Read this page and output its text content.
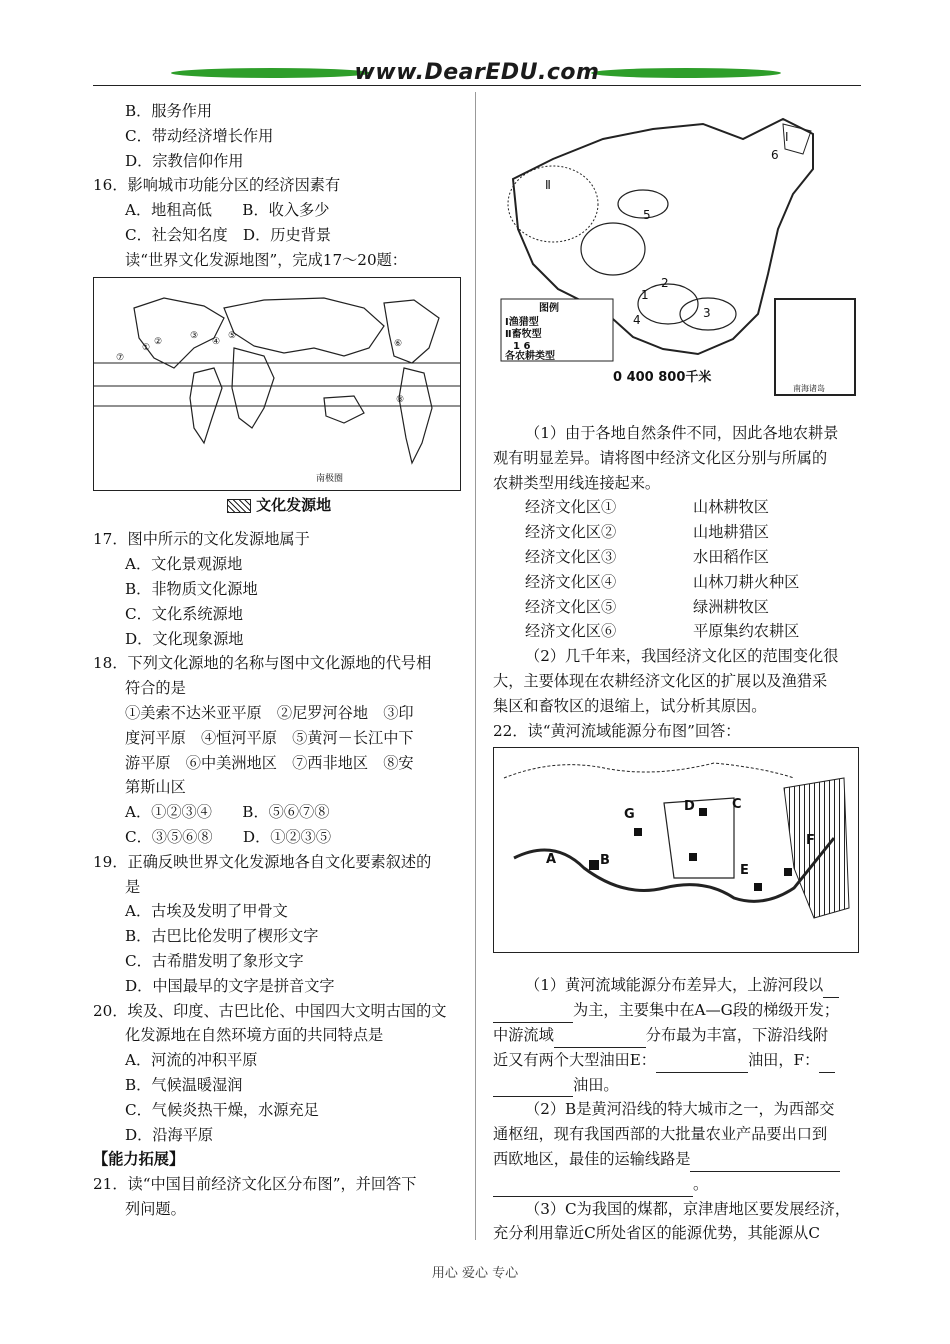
www.DearEDU.com
B．服务作用
C．带动经济增长作用
D．宗教信仰作用
16．影响城市功能分区的经济因素有
A．地租高低　　B．收入多少
C．社会知名度　D．历史背景
读“世界文化发源地图”，完成17～20题：
①
②
③
④
⑤
⑥
⑦
⑧
南极圈
文化发源地
17．图中所示的文化发源地属于
A．文化景观源地
B．非物质文化源地
C．文化系统源地
D．文化现象源地
18．下列文化源地的名称与图中文化源地的代号相
符合的是
①美索不达米亚平原　②尼罗河谷地　③印
度河平原　④恒河平原　⑤黄河－长江中下
游平原　⑥中美洲地区　⑦西非地区　⑧安
第斯山区
A．①②③④　　B．⑤⑥⑦⑧
C．③⑤⑥⑧　　D．①②③⑤
19．正确反映世界文化发源地各自文化要素叙述的
是
A．古埃及发明了甲骨文
B．古巴比伦发明了楔形文字
C．古希腊发明了象形文字
D．中国最早的文字是拼音文字
20．埃及、印度、古巴比伦、中国四大文明古国的文
化发源地在自然环境方面的共同特点是
A．河流的冲积平原
B．气候温暖湿润
C．气候炎热干燥，水源充足
D．沿海平原
【能力拓展】
21．读“中国目前经济文化区分布图”，并回答下
列问题。
Ⅱ
Ⅰ
1
2
3
4
5
6
图例
Ⅰ渔猎型
Ⅱ畜牧型
1 6
各农耕类型
0 400 800千米
南海诸岛
（1）由于各地自然条件不同，因此各地农耕景
观有明显差异。请将图中经济文化区分别与所属的
农耕类型用线连接起来。
经济文化区①	山林耕牧区
经济文化区②	山地耕猎区
经济文化区③	水田稻作区
经济文化区④	山林刀耕火种区
经济文化区⑤	绿洲耕牧区
经济文化区⑥	平原集约农耕区
（2）几千年来，我国经济文化区的范围变化很
大，主要体现在农耕经济文化区的扩展以及渔猎采
集区和畜牧区的退缩上，试分析其原因。
22．读“黄河流域能源分布图”回答：
A	B
C
D
E
F
G
（1）黄河流域能源分布差异大，上游河段以
为主，主要集中在A—G段的梯级开发；
中游流域	分布最为丰富，下游沿线附
近又有两个大型油田E：	油田，F：
油田。
（2）B是黄河沿线的特大城市之一，为西部交
通枢纽，现有我国西部的大批量农业产品要出口到
西欧地区，最佳的运输线路是
。
（3）C为我国的煤都，京津唐地区要发展经济，
充分利用靠近C所处省区的能源优势，其能源从C
用心 爱心 专心
